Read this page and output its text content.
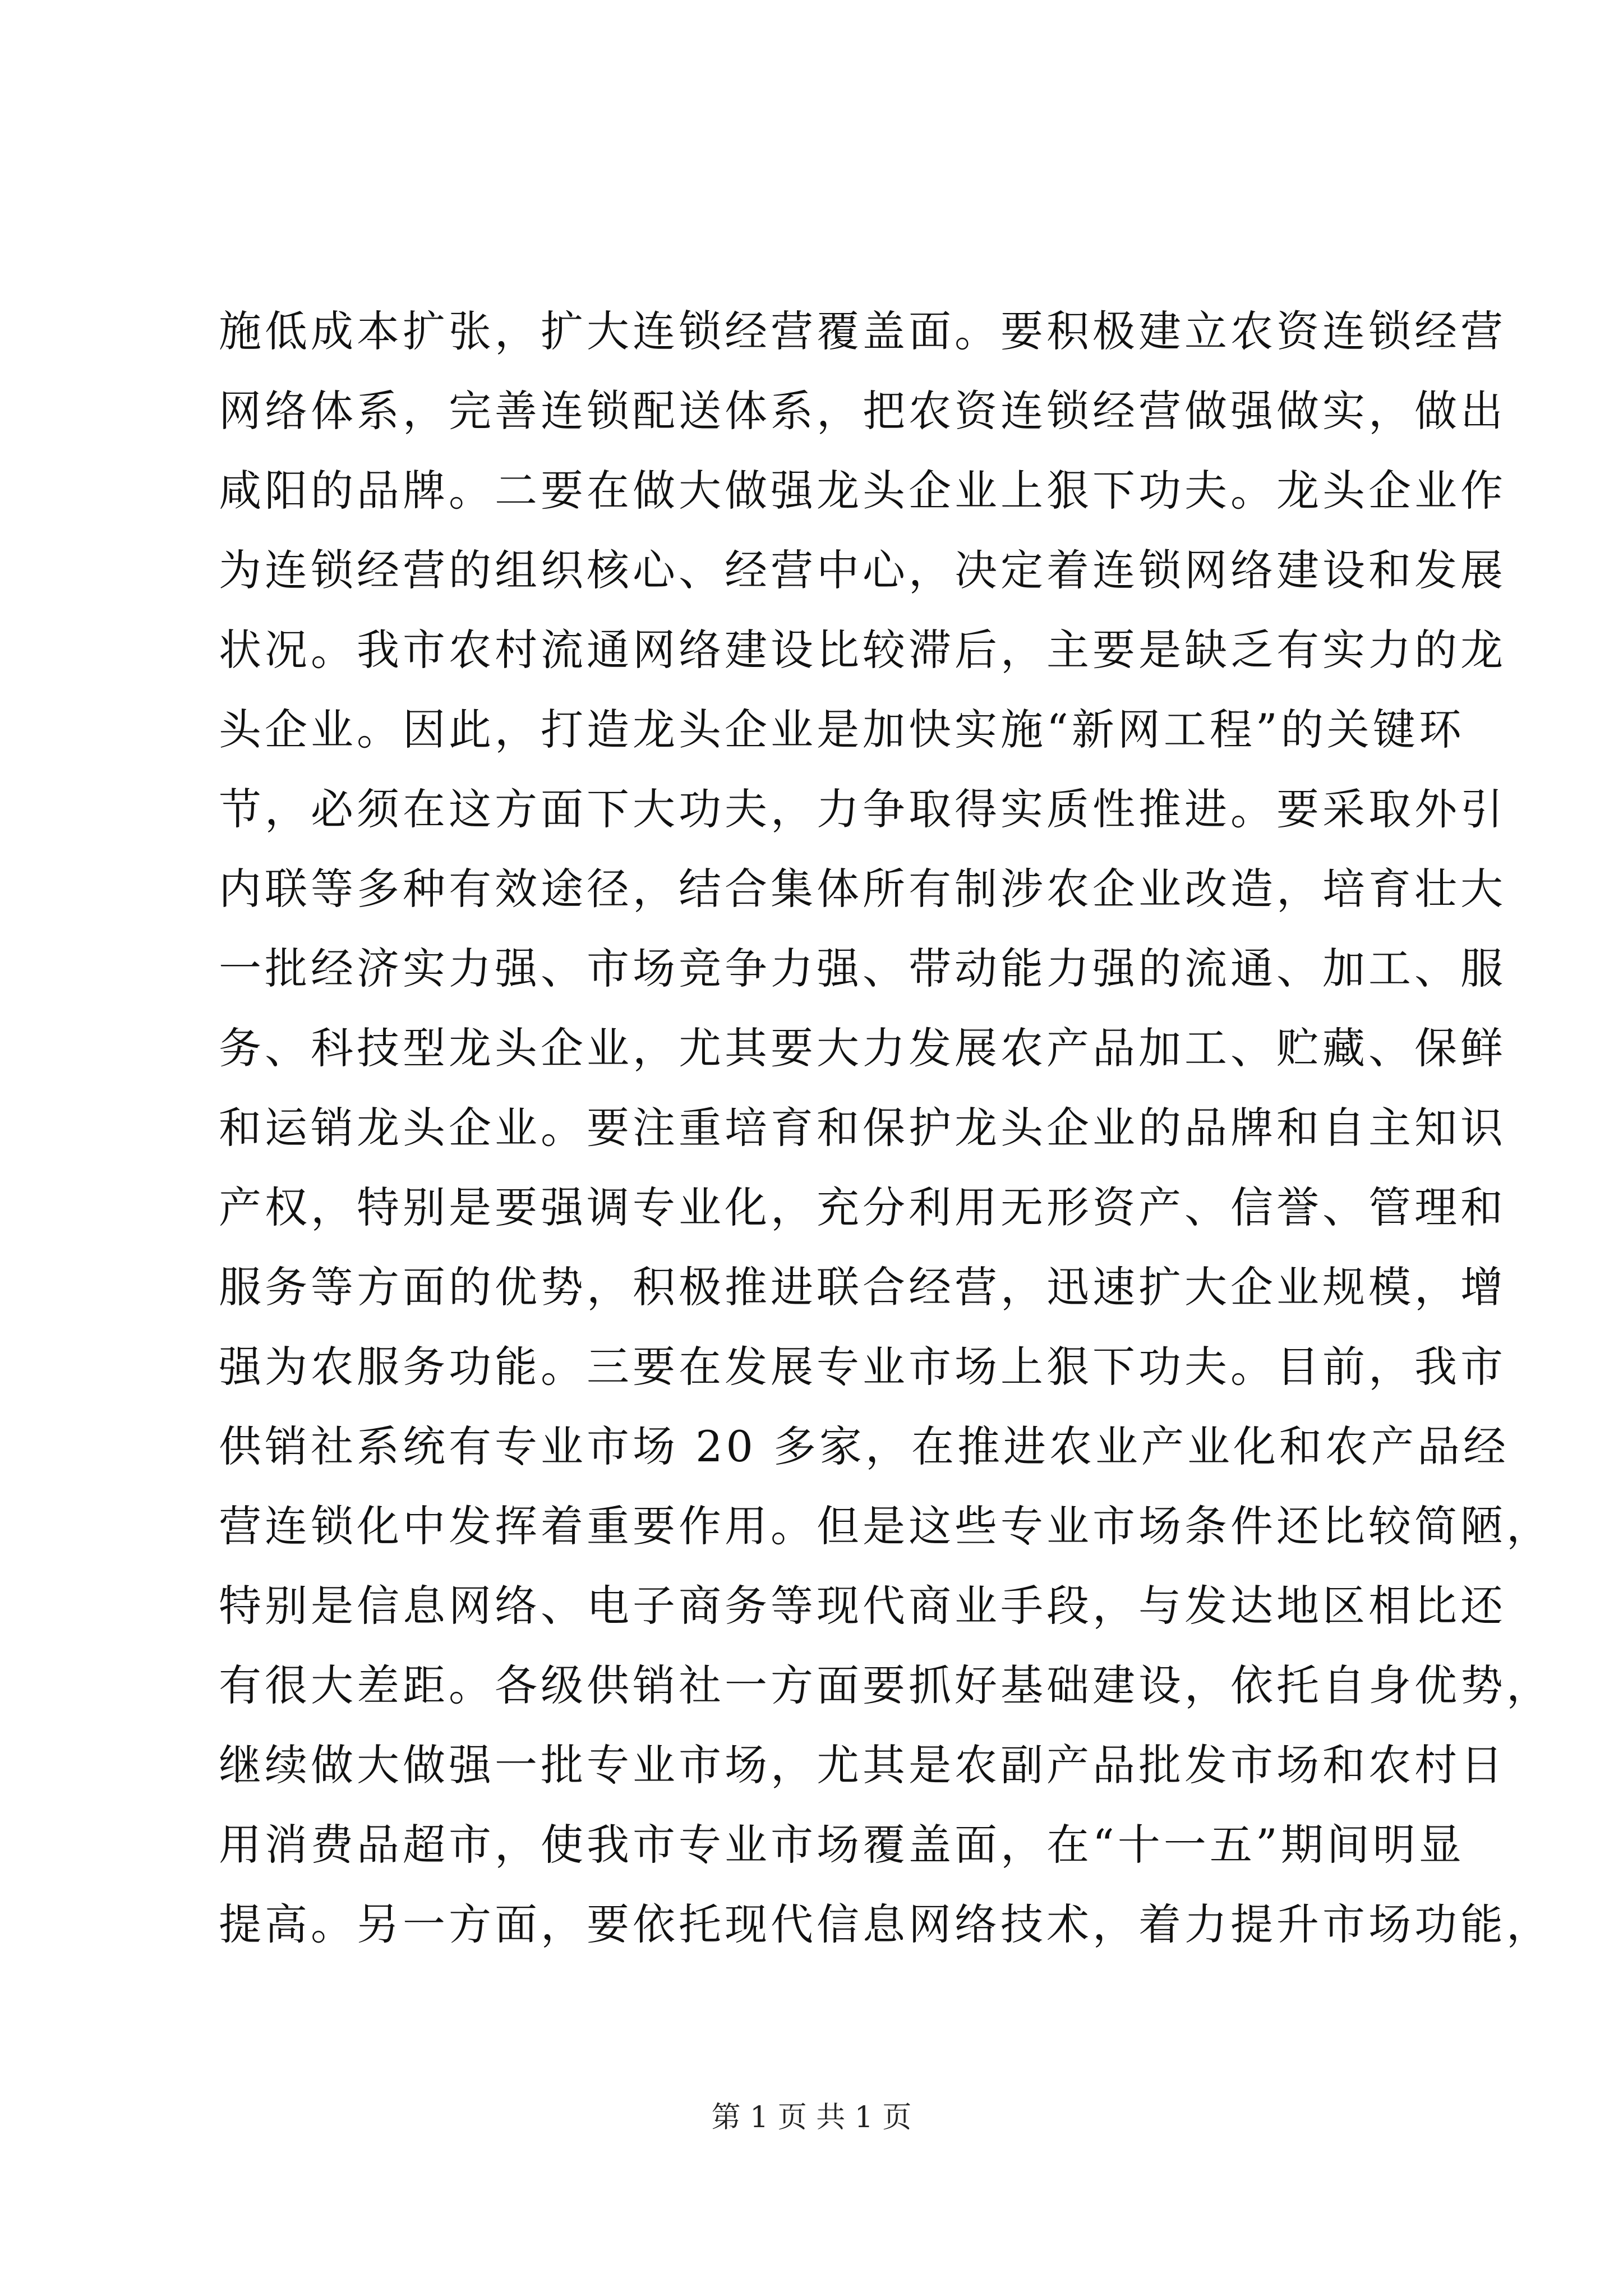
施低成本扩张，扩大连锁经营覆盖面。要积极建立农资连锁经营
网络体系，完善连锁配送体系，把农资连锁经营做强做实，做出
咸阳的品牌。二要在做大做强龙头企业上狠下功夫。龙头企业作
为连锁经营的组织核心、经营中心，决定着连锁网络建设和发展
状况。我市农村流通网络建设比较滞后，主要是缺乏有实力的龙
头企业。因此，打造龙头企业是加快实施“新网工程”的关键环
节，必须在这方面下大功夫，力争取得实质性推进。要采取外引
内联等多种有效途径，结合集体所有制涉农企业改造，培育壮大
一批经济实力强、市场竞争力强、带动能力强的流通、加工、服
务、科技型龙头企业，尤其要大力发展农产品加工、贮藏、保鲜
和运销龙头企业。要注重培育和保护龙头企业的品牌和自主知识
产权，特别是要强调专业化，充分利用无形资产、信誉、管理和
服务等方面的优势，积极推进联合经营，迅速扩大企业规模，增
强为农服务功能。三要在发展专业市场上狠下功夫。目前，我市
供销社系统有专业市场 20 多家，在推进农业产业化和农产品经
营连锁化中发挥着重要作用。但是这些专业市场条件还比较简陋，
特别是信息网络、电子商务等现代商业手段，与发达地区相比还
有很大差距。各级供销社一方面要抓好基础建设，依托自身优势，
继续做大做强一批专业市场，尤其是农副产品批发市场和农村日
用消费品超市，使我市专业市场覆盖面，在“十一五”期间明显
提高。另一方面，要依托现代信息网络技术，着力提升市场功能，
第 1 页 共 1 页
